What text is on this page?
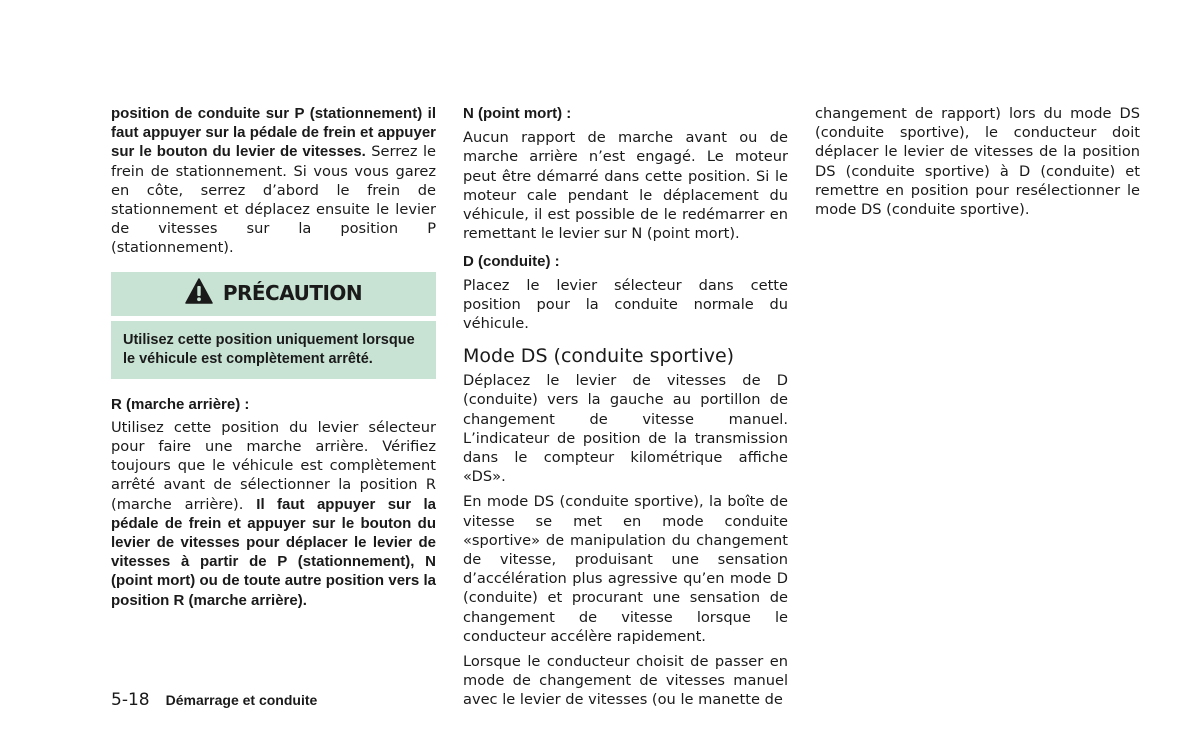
position de conduite sur P (stationnement) il faut appuyer sur la pédale de frein et appuyer sur le bouton du levier de vitesses. Serrez le frein de stationnement. Si vous vous garez en côte, serrez d’abord le frein de stationnement et déplacez ensuite le levier de vitesses sur la position P (stationnement).

PRÉCAUTION
Utilisez cette position uniquement lorsque le véhicule est complètement arrêté.

R (marche arrière) :

Utilisez cette position du levier sélecteur pour faire une marche arrière. Vérifiez toujours que le véhicule est complètement arrêté avant de sélectionner la position R (marche arrière). Il faut appuyer sur la pédale de frein et appuyer sur le bouton du levier de vitesses pour déplacer le levier de vitesses à partir de P (stationnement), N (point mort) ou de toute autre position vers la position R (marche arrière).

N (point mort) :

Aucun rapport de marche avant ou de marche arrière n’est engagé. Le moteur peut être démarré dans cette position. Si le moteur cale pendant le déplacement du véhicule, il est possible de le redémarrer en remettant le levier sur N (point mort).

D (conduite) :

Placez le levier sélecteur dans cette position pour la conduite normale du véhicule.

Mode DS (conduite sportive)

Déplacez le levier de vitesses de D (conduite) vers la gauche au portillon de changement de vitesse manuel. L’indicateur de position de la transmission dans le compteur kilométrique affiche «DS».

En mode DS (conduite sportive), la boîte de vitesse se met en mode conduite «sportive» de manipulation du changement de vitesse, produisant une sensation d’accélération plus agressive qu’en mode D (conduite) et procurant une sensation de changement de vitesse lorsque le conducteur accélère rapidement.

Lorsque le conducteur choisit de passer en mode de changement de vitesses manuel avec le levier de vitesses (ou le manette de

changement de rapport) lors du mode DS (conduite sportive), le conducteur doit déplacer le levier de vitesses de la position DS (conduite sportive) à D (conduite) et remettre en position pour resélectionner le mode DS (conduite sportive).

5-18 Démarrage et conduite
